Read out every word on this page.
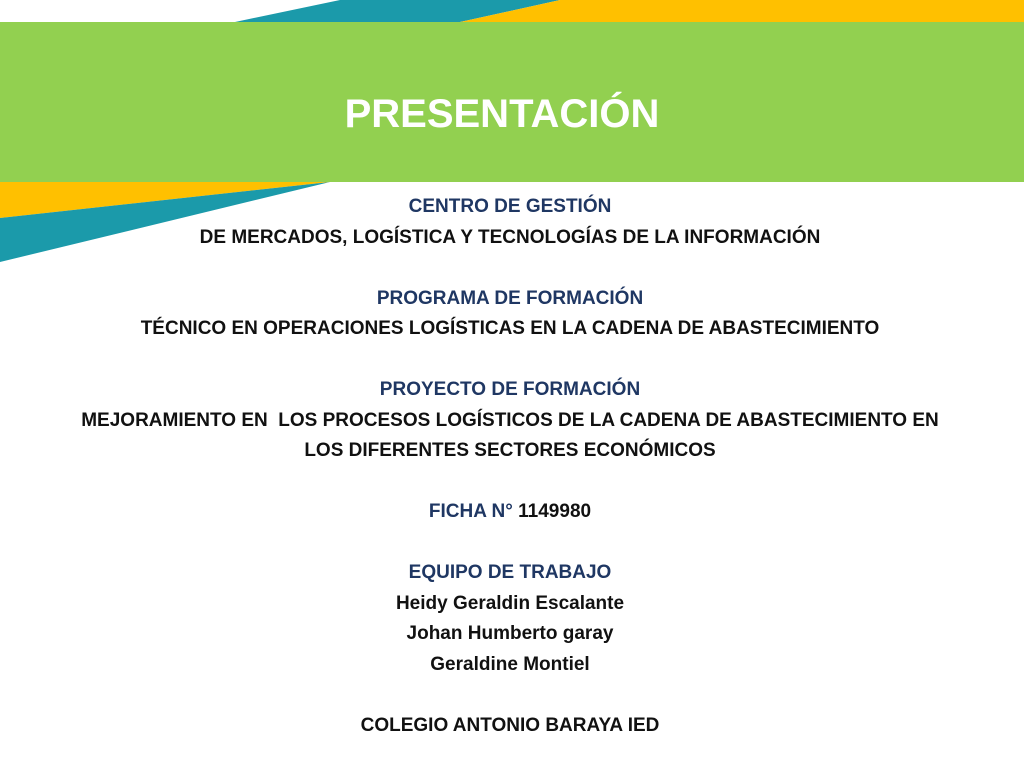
PRESENTACIÓN
CENTRO DE GESTIÓN
DE MERCADOS, LOGÍSTICA Y TECNOLOGÍAS DE LA INFORMACIÓN
PROGRAMA DE FORMACIÓN
TÉCNICO EN OPERACIONES LOGÍSTICAS EN LA CADENA DE ABASTECIMIENTO
PROYECTO DE FORMACIÓN
MEJORAMIENTO EN  LOS PROCESOS LOGÍSTICOS DE LA CADENA DE ABASTECIMIENTO EN
LOS DIFERENTES SECTORES ECONÓMICOS
FICHA N° 1149980
EQUIPO DE TRABAJO
Heidy Geraldin Escalante
Johan Humberto garay
Geraldine Montiel
COLEGIO ANTONIO BARAYA IED
